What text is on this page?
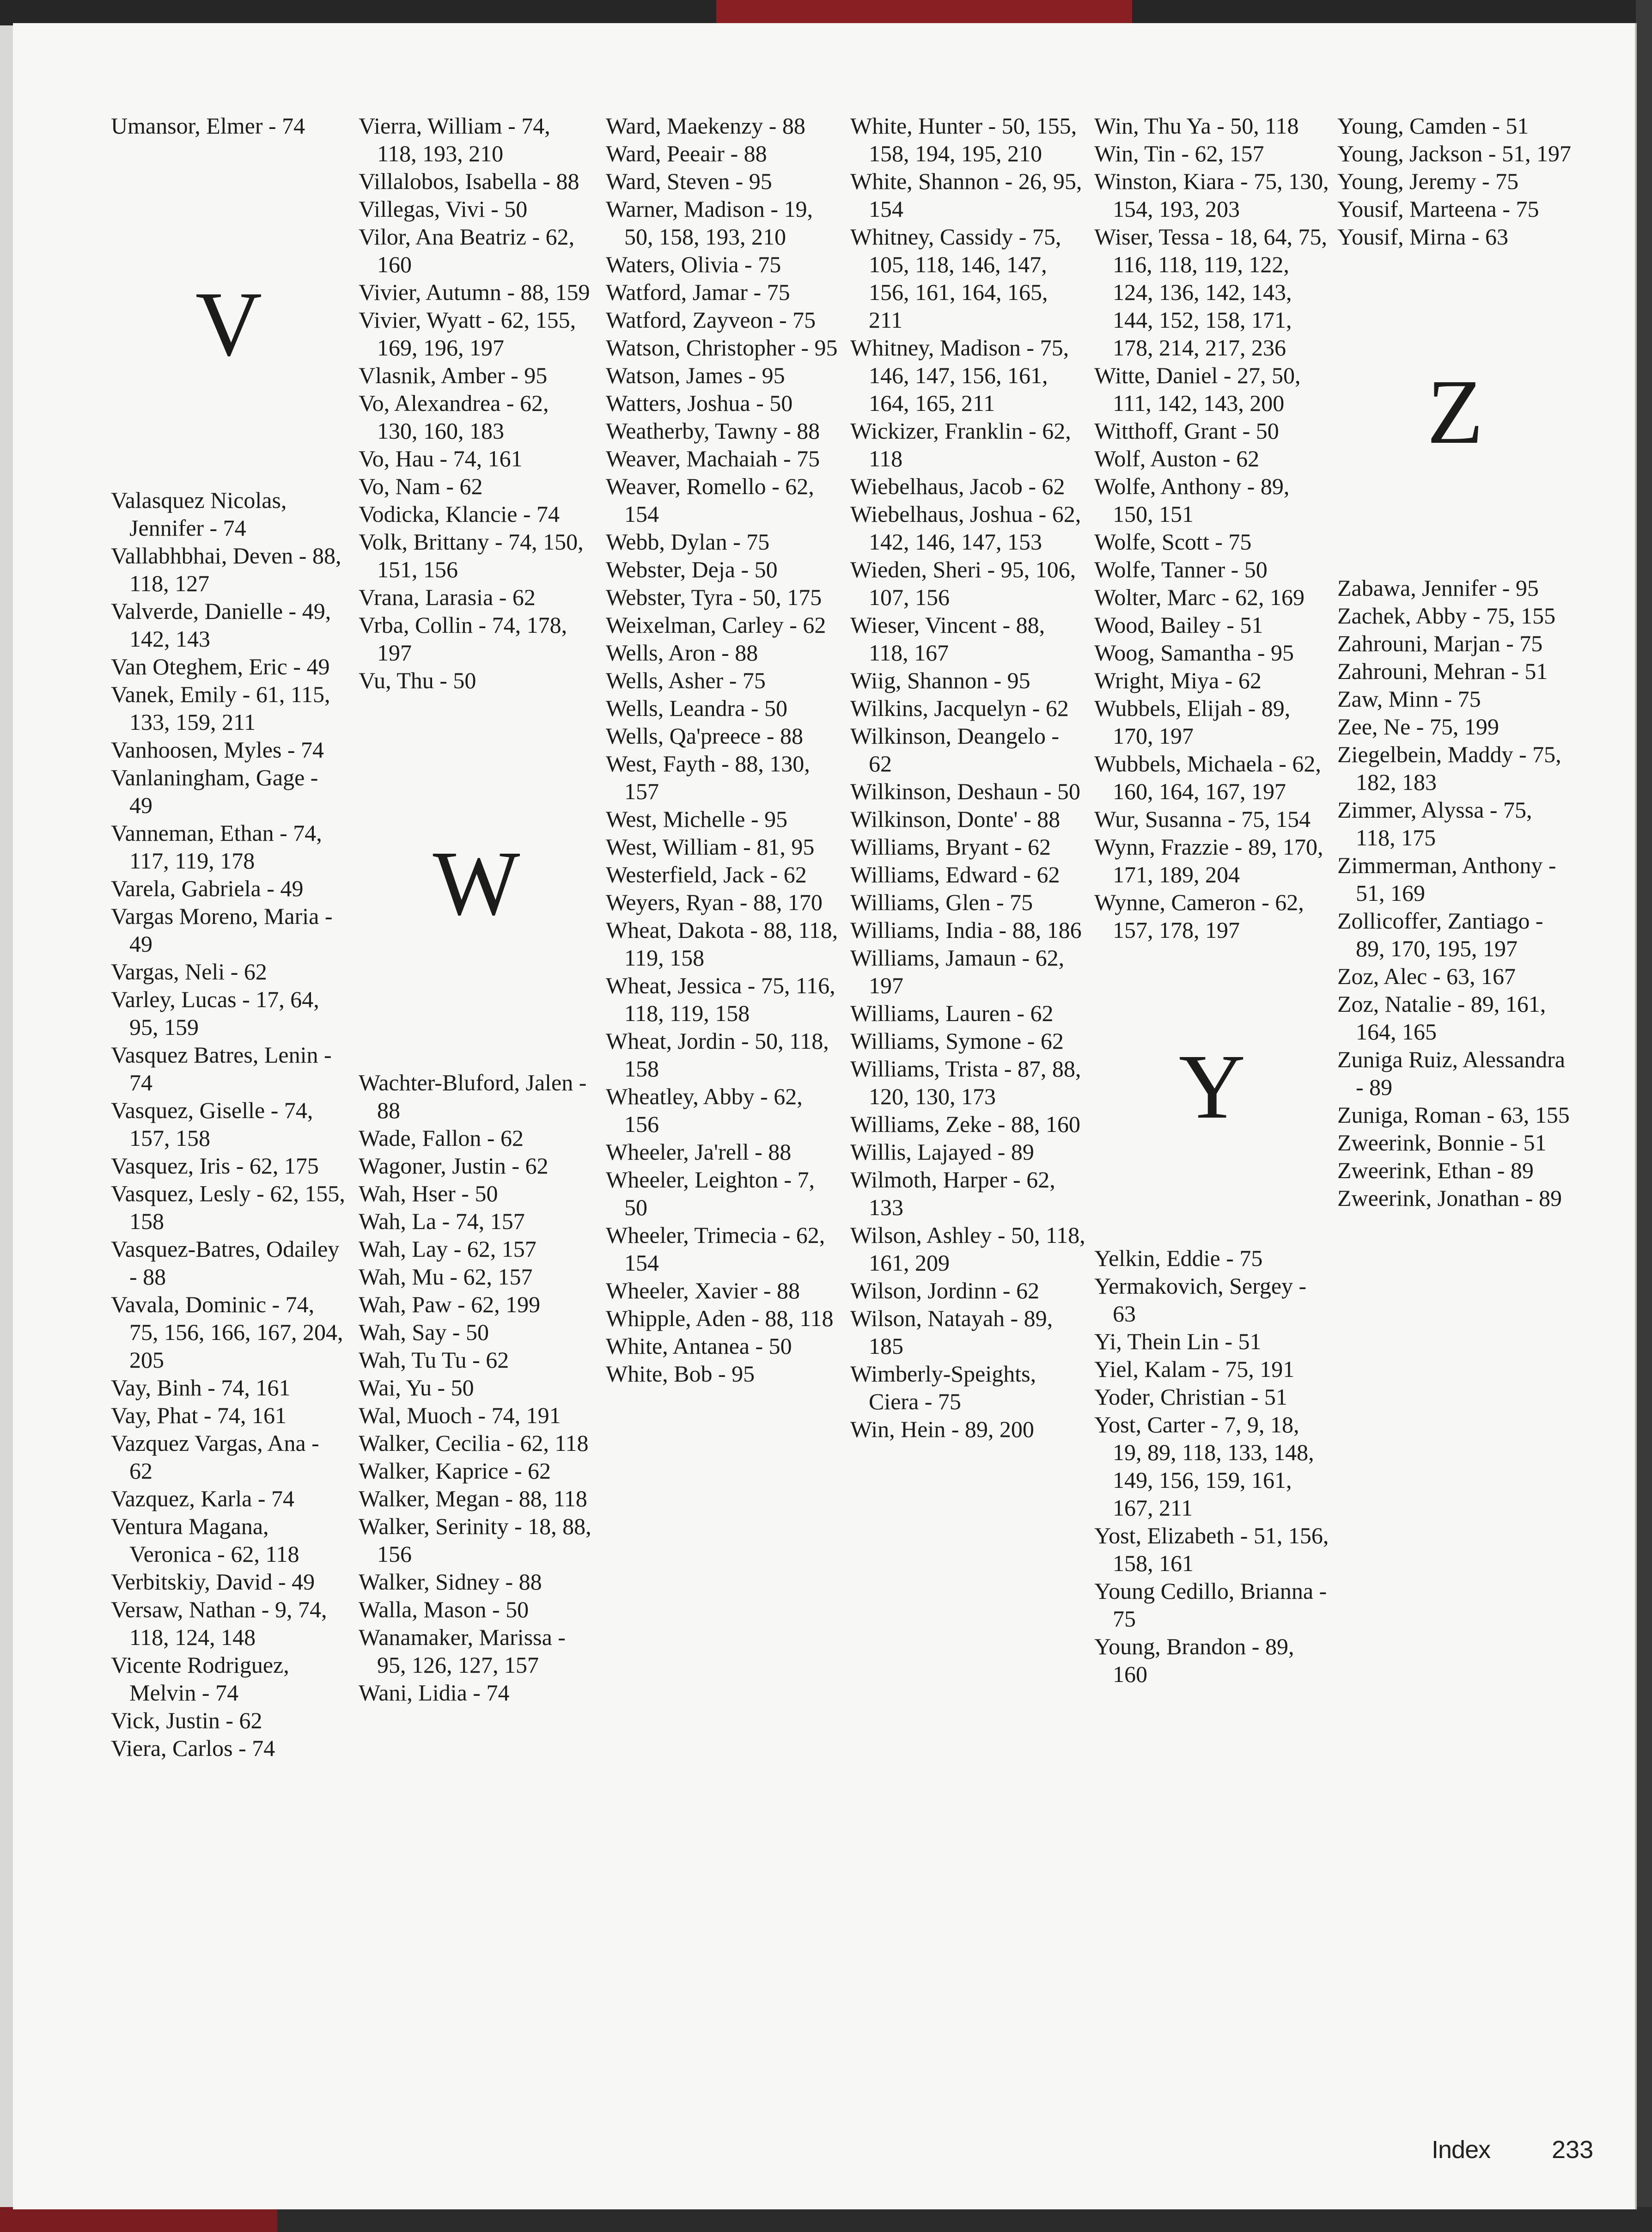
Umansor, Elmer - 74

V

Valasquez Nicolas, Jennifer - 74

Vallabhbhai, Deven - 88, 118, 127

Valverde, Danielle - 49, 142, 143

Van Oteghem, Eric - 49

Vanek, Emily - 61, 115, 133, 159, 211

Vanhoosen, Myles - 74

Vanlaningham, Gage - 49

Vanneman, Ethan - 74, 117, 119, 178

Varela, Gabriela - 49

Vargas Moreno, Maria - 49

Vargas, Neli - 62

Varley, Lucas - 17, 64, 95, 159

Vasquez Batres, Lenin - 74

Vasquez, Giselle - 74, 157, 158

Vasquez, Iris - 62, 175

Vasquez, Lesly - 62, 155, 158

Vasquez-Batres, Odailey - 88

Vavala, Dominic - 74, 75, 156, 166, 167, 204, 205

Vay, Binh - 74, 161

Vay, Phat - 74, 161

Vazquez Vargas, Ana - 62

Vazquez, Karla - 74

Ventura Magana, Veronica - 62, 118

Verbitskiy, David - 49

Versaw, Nathan - 9, 74, 118, 124, 148

Vicente Rodriguez, Melvin - 74

Vick, Justin - 62

Viera, Carlos - 74

Vierra, William - 74, 118, 193, 210

Villalobos, Isabella - 88

Villegas, Vivi - 50

Vilor, Ana Beatriz - 62, 160

Vivier, Autumn - 88, 159

Vivier, Wyatt - 62, 155, 169, 196, 197

Vlasnik, Amber - 95

Vo, Alexandrea - 62, 130, 160, 183

Vo, Hau - 74, 161

Vo, Nam - 62

Vodicka, Klancie - 74

Volk, Brittany - 74, 150, 151, 156

Vrana, Larasia - 62

Vrba, Collin - 74, 178, 197

Vu, Thu - 50

W

Wachter-Bluford, Jalen - 88

Wade, Fallon - 62

Wagoner, Justin - 62

Wah, Hser - 50

Wah, La - 74, 157

Wah, Lay - 62, 157

Wah, Mu - 62, 157

Wah, Paw - 62, 199

Wah, Say - 50

Wah, Tu Tu - 62

Wai, Yu - 50

Wal, Muoch - 74, 191

Walker, Cecilia - 62, 118

Walker, Kaprice - 62

Walker, Megan - 88, 118

Walker, Serinity - 18, 88, 156

Walker, Sidney - 88

Walla, Mason - 50

Wanamaker, Marissa - 95, 126, 127, 157

Wani, Lidia - 74

Ward, Maekenzy - 88

Ward, Peeair - 88

Ward, Steven - 95

Warner, Madison - 19, 50, 158, 193, 210

Waters, Olivia - 75

Watford, Jamar - 75

Watford, Zayveon - 75

Watson, Christopher - 95

Watson, James - 95

Watters, Joshua - 50

Weatherby, Tawny - 88

Weaver, Machaiah - 75

Weaver, Romello - 62, 154

Webb, Dylan - 75

Webster, Deja - 50

Webster, Tyra - 50, 175

Weixelman, Carley - 62

Wells, Aron - 88

Wells, Asher - 75

Wells, Leandra - 50

Wells, Qa'preece - 88

West, Fayth - 88, 130, 157

West, Michelle - 95

West, William - 81, 95

Westerfield, Jack - 62

Weyers, Ryan - 88, 170

Wheat, Dakota - 88, 118, 119, 158

Wheat, Jessica - 75, 116, 118, 119, 158

Wheat, Jordin - 50, 118, 158

Wheatley, Abby - 62, 156

Wheeler, Ja'rell - 88

Wheeler, Leighton - 7, 50

Wheeler, Trimecia - 62, 154

Wheeler, Xavier - 88

Whipple, Aden - 88, 118

White, Antanea - 50

White, Bob - 95

White, Hunter - 50, 155, 158, 194, 195, 210

White, Shannon - 26, 95, 154

Whitney, Cassidy - 75, 105, 118, 146, 147, 156, 161, 164, 165, 211

Whitney, Madison - 75, 146, 147, 156, 161, 164, 165, 211

Wickizer, Franklin - 62, 118

Wiebelhaus, Jacob - 62

Wiebelhaus, Joshua - 62, 142, 146, 147, 153

Wieden, Sheri - 95, 106, 107, 156

Wieser, Vincent - 88, 118, 167

Wiig, Shannon - 95

Wilkins, Jacquelyn - 62

Wilkinson, Deangelo - 62

Wilkinson, Deshaun - 50

Wilkinson, Donte' - 88

Williams, Bryant - 62

Williams, Edward - 62

Williams, Glen - 75

Williams, India - 88, 186

Williams, Jamaun - 62, 197

Williams, Lauren - 62

Williams, Symone - 62

Williams, Trista - 87, 88, 120, 130, 173

Williams, Zeke - 88, 160

Willis, Lajayed - 89

Wilmoth, Harper - 62, 133

Wilson, Ashley - 50, 118, 161, 209

Wilson, Jordinn - 62

Wilson, Natayah - 89, 185

Wimberly-Speights, Ciera - 75

Win, Hein - 89, 200

Win, Thu Ya - 50, 118

Win, Tin - 62, 157

Winston, Kiara - 75, 130, 154, 193, 203

Wiser, Tessa - 18, 64, 75, 116, 118, 119, 122, 124, 136, 142, 143, 144, 152, 158, 171, 178, 214, 217, 236

Witte, Daniel - 27, 50, 111, 142, 143, 200

Witthoff, Grant - 50

Wolf, Auston - 62

Wolfe, Anthony - 89, 150, 151

Wolfe, Scott - 75

Wolfe, Tanner - 50

Wolter, Marc - 62, 169

Wood, Bailey - 51

Woog, Samantha - 95

Wright, Miya - 62

Wubbels, Elijah - 89, 170, 197

Wubbels, Michaela - 62, 160, 164, 167, 197

Wur, Susanna - 75, 154

Wynn, Frazzie - 89, 170, 171, 189, 204

Wynne, Cameron - 62, 157, 178, 197

Y

Yelkin, Eddie - 75

Yermakovich, Sergey - 63

Yi, Thein Lin - 51

Yiel, Kalam - 75, 191

Yoder, Christian - 51

Yost, Carter - 7, 9, 18, 19, 89, 118, 133, 148, 149, 156, 159, 161, 167, 211

Yost, Elizabeth - 51, 156, 158, 161

Young Cedillo, Brianna - 75

Young, Brandon - 89, 160

Young, Camden - 51

Young, Jackson - 51, 197

Young, Jeremy - 75

Yousif, Marteena - 75

Yousif, Mirna - 63

Z

Zabawa, Jennifer - 95

Zachek, Abby - 75, 155

Zahrouni, Marjan - 75

Zahrouni, Mehran - 51

Zaw, Minn - 75

Zee, Ne - 75, 199

Ziegelbein, Maddy - 75, 182, 183

Zimmer, Alyssa - 75, 118, 175

Zimmerman, Anthony - 51, 169

Zollicoffer, Zantiago - 89, 170, 195, 197

Zoz, Alec - 63, 167

Zoz, Natalie - 89, 161, 164, 165

Zuniga Ruiz, Alessandra - 89

Zuniga, Roman - 63, 155

Zweerink, Bonnie - 51

Zweerink, Ethan - 89

Zweerink, Jonathan - 89

Index 233
